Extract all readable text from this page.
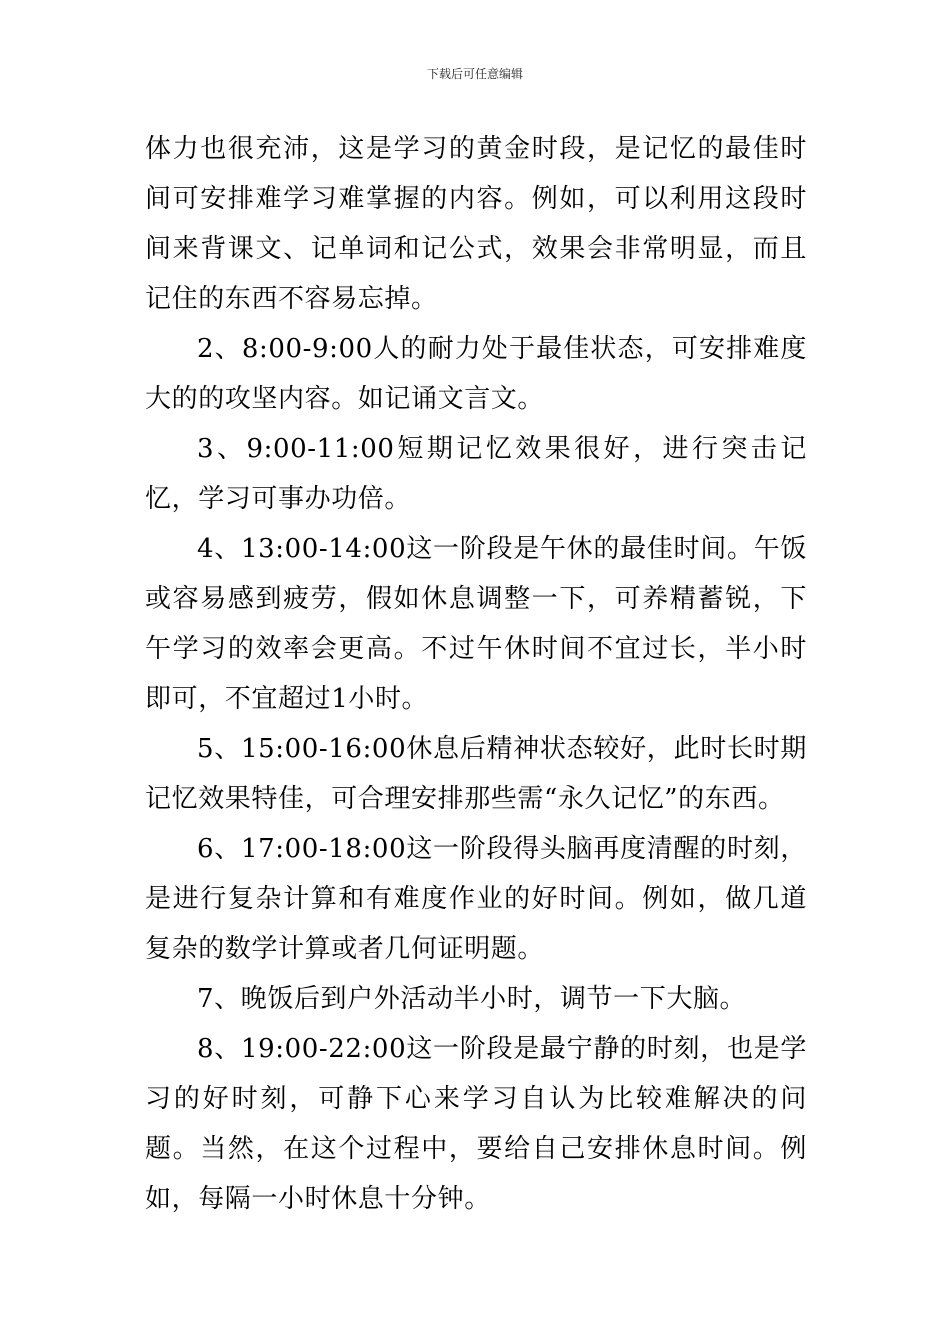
下载后可任意编辑

体力也很充沛，这是学习的黄金时段，是记忆的最佳时间可安排难学习难掌握的内容。例如，可以利用这段时间来背课文、记单词和记公式，效果会非常明显，而且记住的东西不容易忘掉。

2、8:00-9:00人的耐力处于最佳状态，可安排难度大的的攻坚内容。如记诵文言文。

3、9:00-11:00短期记忆效果很好，进行突击记忆，学习可事办功倍。

4、13:00-14:00这一阶段是午休的最佳时间。午饭或容易感到疲劳，假如休息调整一下，可养精蓄锐，下午学习的效率会更高。不过午休时间不宜过长，半小时即可，不宜超过1小时。

5、15:00-16:00休息后精神状态较好，此时长时期记忆效果特佳，可合理安排那些需“永久记忆”的东西。

6、17:00-18:00这一阶段得头脑再度清醒的时刻，是进行复杂计算和有难度作业的好时间。例如，做几道复杂的数学计算或者几何证明题。

7、晚饭后到户外活动半小时，调节一下大脑。

8、19:00-22:00这一阶段是最宁静的时刻，也是学习的好时刻，可静下心来学习自认为比较难解决的问题。当然，在这个过程中，要给自己安排休息时间。例如，每隔一小时休息十分钟。
